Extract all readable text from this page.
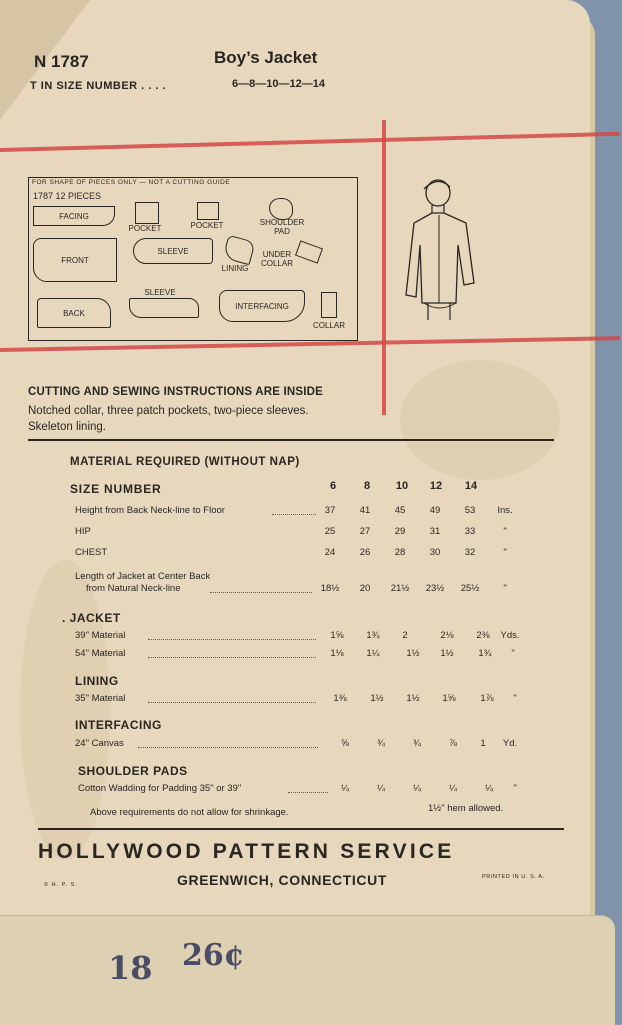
N 1787	Boy’s Jacket
T IN SIZE NUMBER . . . .	6—8—10—12—14
FOR SHAPE OF PIECES ONLY — NOT A CUTTING GUIDE
1787 12 PIECES
FACING
POCKET	POCKET	SHOULDER PAD
FRONT
SLEEVE
LINING
UNDER COLLAR
BACK
SLEEVE
INTERFACING
COLLAR
CUTTING AND SEWING INSTRUCTIONS ARE INSIDE
Notched collar, three patch pockets, two-piece sleeves.
Skeleton lining.
MATERIAL REQUIRED (WITHOUT NAP)
SIZE NUMBER	6	8	10	12	14
Height from Back Neck-line to Floor	37	41	45	49	53	Ins.
HIP	25	27	29	31	33	"
CHEST	24	26	28	30	32	"
Length of Jacket at Center Back
from Natural Neck-line	18½	20	21½	23½	25½	"
. JACKET
39" Material	1⅝	1¾	2	2⅛	2⅜	Yds.
54" Material	1⅛	1¼	1½	1½	1¾	"
LINING
35" Material	1⅜	1½	1½	1⅝	1⅞	"
INTERFACING
24" Canvas	⅝	¾	¾	⅞	1	Yd.
SHOULDER PADS
Cotton Wadding for Padding 35" or 39"	¼	¼	¼	¼	¼	"
Above requirements do not allow for shrinkage.	1½" hem allowed.
HOLLYWOOD PATTERN SERVICE
GREENWICH, CONNECTICUT
© H. P. S.
PRINTED IN U. S. A.
18 26¢
